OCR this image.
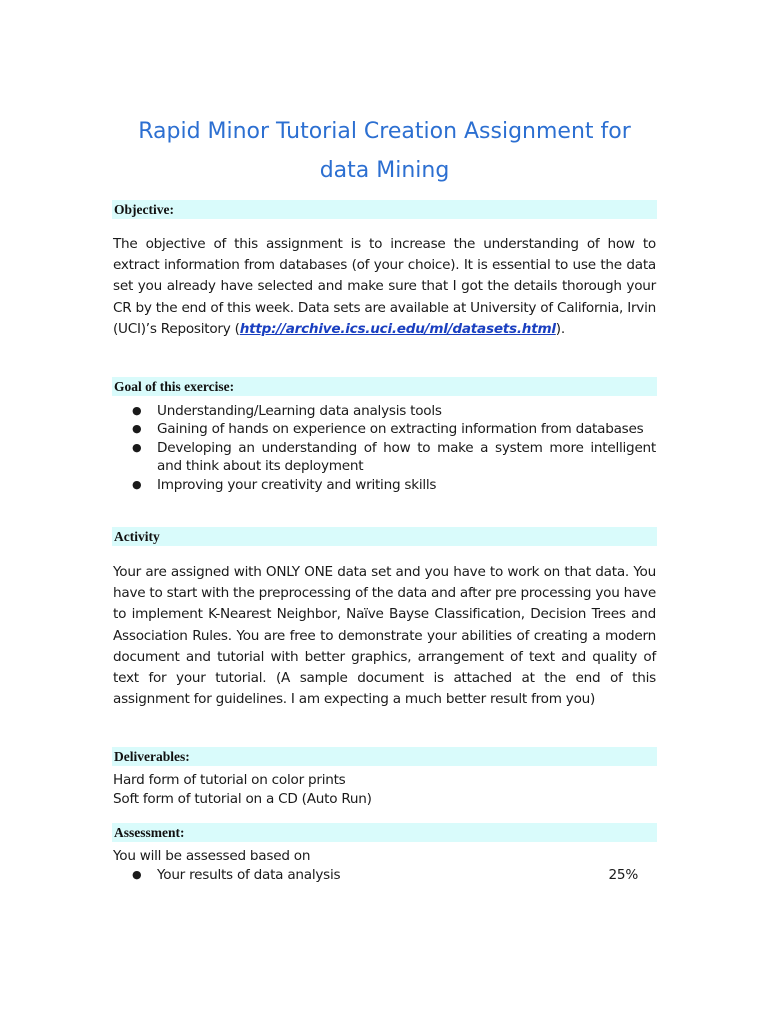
Rapid Minor Tutorial Creation Assignment for
data Mining
Objective:
The objective of this assignment is to increase the understanding of how to extract information from databases (of your choice). It is essential to use the data set you already have selected and make sure that I got the details thorough your CR by the end of this week. Data sets are available at University of California, Irvin (UCI)’s Repository (http://archive.ics.uci.edu/ml/datasets.html).
Goal of this exercise:
● Understanding/Learning data analysis tools
● Gaining of hands on experience on extracting information from databases
● Developing an understanding of how to make a system more intelligent and think about its deployment
● Improving your creativity and writing skills
Activity
Your are assigned with ONLY ONE data set and you have to work on that data. You have to start with the preprocessing of the data and after pre processing you have to implement K-Nearest Neighbor, Naïve Bayse Classification, Decision Trees and Association Rules. You are free to demonstrate your abilities of creating a modern document and tutorial with better graphics, arrangement of text and quality of text for your tutorial. (A sample document is attached at the end of this assignment for guidelines. I am expecting a much better result from you)
Deliverables:
Hard form of tutorial on color prints
Soft form of tutorial on a CD (Auto Run)
Assessment:
You will be assessed based on
● Your results of data analysis	25%
